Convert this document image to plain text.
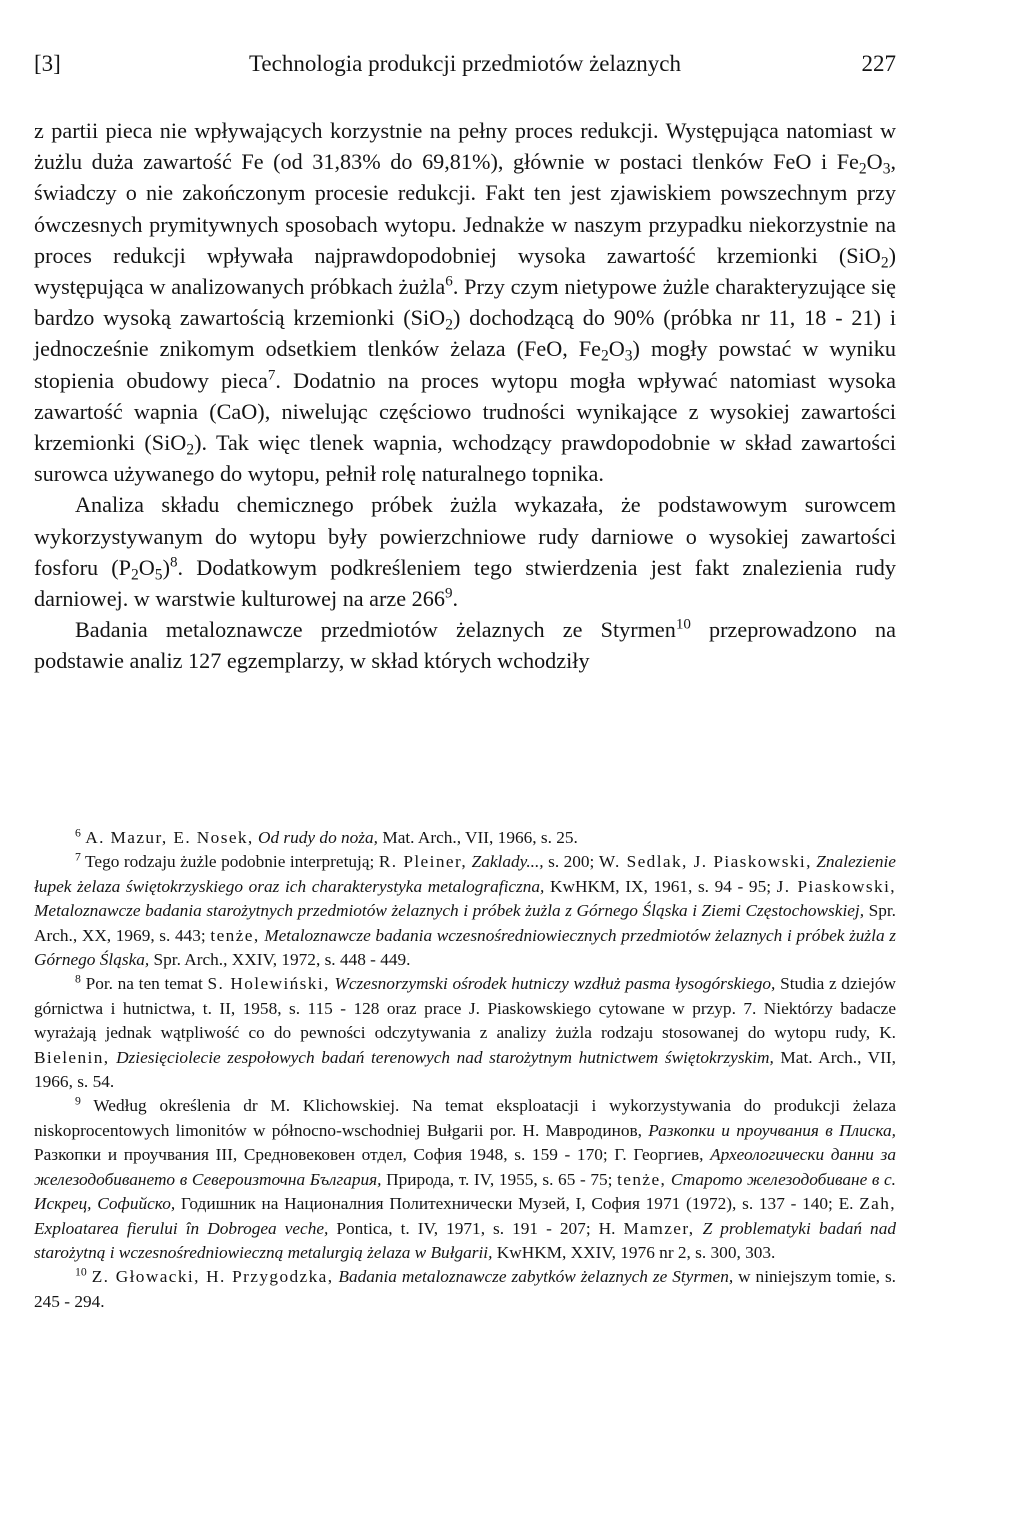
[3]	Technologia produkcji przedmiotów żelaznych	227

z partii pieca nie wpływających korzystnie na pełny proces redukcji. Występująca natomiast w żużlu duża zawartość Fe (od 31,83% do 69,81%), głównie w postaci tlenków FeO i $Fe_2O_3$, świadczy o nie zakończonym procesie redukcji. Fakt ten jest zjawiskiem powszechnym przy ówczesnych prymitywnych sposobach wytopu. Jednakże w naszym przypadku niekorzystnie na proces redukcji wpływała najprawdopodobniej wysoka zawartość krzemionki (SiO$_2$) występująca w analizowanych próbkach żużla$^6$. Przy czym nietypowe żużle charakteryzujące się bardzo wysoką zawartością krzemionki (SiO$_2$) dochodzącą do 90% (próbka nr 11, 18 - 21) i jednocześnie znikomym odsetkiem tlenków żelaza (FeO, $Fe_2O_3$) mogły powstać w wyniku stopienia obudowy pieca$^7$. Dodatnio na proces wytopu mogła wpływać natomiast wysoka zawartość wapnia (CaO), niwelując częściowo trudności wynikające z wysokiej zawartości krzemionki (SiO$_2$). Tak więc tlenek wapnia, wchodzący prawdopodobnie w skład zawartości surowca używanego do wytopu, pełnił rolę naturalnego topnika.

Analiza składu chemicznego próbek żużla wykazała, że podstawowym surowcem wykorzystywanym do wytopu były powierzchniowe rudy darniowe o wysokiej zawartości fosforu $(P_2O_5)^8$. Dodatkowym podkreśleniem tego stwierdzenia jest fakt znalezienia rudy darniowej. w warstwie kulturowej na arze $266^9$.

Badania metaloznawcze przedmiotów żelaznych ze Styrmen$^{10}$ przeprowadzono na podstawie analiz 127 egzemplarzy, w skład których wchodziły

$^6$ A. Mazur, E. Nosek, Od rudy do noża, Mat. Arch., VII, 1966, s. 25.

$^7$ Tego rodzaju żużle podobnie interpretują; R. Pleiner, Zaklady..., s. 200; W. Sedlak, J. Piaskowski, Znalezienie łupek żelaza świętokrzyskiego oraz ich charakterystyka metalograficzna, KwHKM, IX, 1961, s. 94 - 95; J. Piaskowski, Metaloznawcze badania starożytnych przedmiotów żelaznych i próbek żużla z Górnego Śląska i Ziemi Częstochowskiej, Spr. Arch., XX, 1969, s. 443; tenże, Metaloznawcze badania wczesnośredniowiecznych przedmiotów żelaznych i próbek żużla z Górnego Śląska, Spr. Arch., XXIV, 1972, s. 448 - 449.

$^8$ Por. na ten temat S. Holewiński, Wczesnorzymski ośrodek hutniczy wzdłuż pasma łysogórskiego, Studia z dziejów górnictwa i hutnictwa, t. II, 1958, s. 115 - 128 oraz prace J. Piaskowskiego cytowane w przyp. 7. Niektórzy badacze wyrażają jednak wątpliwość co do pewności odczytywania z analizy żużla rodzaju stosowanej do wytopu rudy, K. Bielenin, Dziesięciolecie zespołowych badań terenowych nad starożytnym hutnictwem świętokrzyskim, Mat. Arch., VII, 1966, s. 54.

$^9$ Według określenia dr M. Klichowskiej. Na temat eksploatacji i wykorzystywania do produkcji żelaza niskoprocentowych limonitów w północno-wschodniej Bułgarii por. Н. Мавродинов, Разкопки и проучвания в Плиска, Разкопки и проучвания III, Средновековен отдел, София 1948, s. 159 - 170; Г. Георгиев, Археологически данни за железодобиването в Североизточна България, Природа, т. IV, 1955, s. 65 - 75; tenże, Старото железодобиване в с. Искрец, Софийско, Годишник на Националния Политехнически Музей, I, София 1971 (1972), s. 137 - 140; E. Zah, Exploatarea fierului în Dobrogea veche, Pontica, t. IV, 1971, s. 191 - 207; H. Mamzer, Z problematyki badań nad starożytną i wczesnośredniowieczną metalurgią żelaza w Bułgarii, KwHKM, XXIV, 1976 nr 2, s. 300, 303.

$^{10}$ Z. Głowacki, H. Przygodzka, Badania metaloznawcze zabytków żelaznych ze Styrmen, w niniejszym tomie, s. 245 - 294.
